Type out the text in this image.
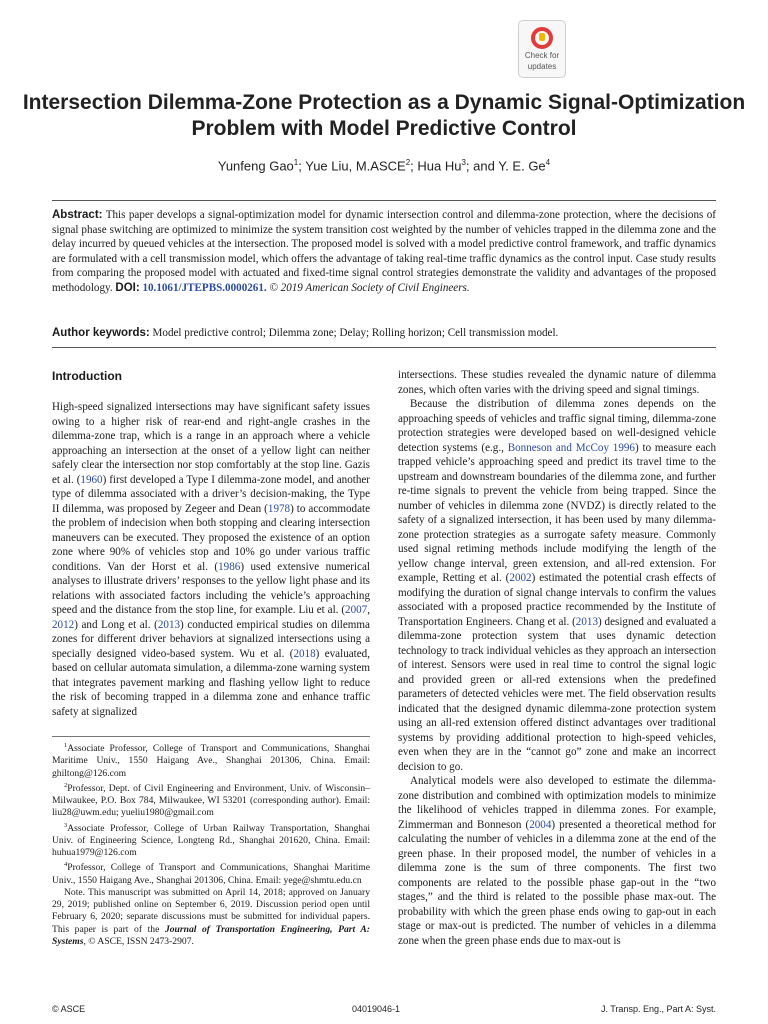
Check for
updates
Intersection Dilemma-Zone Protection as a Dynamic Signal-Optimization Problem with Model Predictive Control
Yunfeng Gao$^1$; Yue Liu, M.ASCE$^2$; Hua Hu$^3$; and Y. E. Ge$^4$
Abstract: This paper develops a signal-optimization model for dynamic intersection control and dilemma-zone protection, where the decisions of signal phase switching are optimized to minimize the system transition cost weighted by the number of vehicles trapped in the dilemma zone and the delay incurred by queued vehicles at the intersection. The proposed model is solved with a model predictive control framework, and traffic dynamics are formulated with a cell transmission model, which offers the advantage of taking real-time traffic dynamics as the control input. Case study results from comparing the proposed model with actuated and fixed-time signal control strategies demonstrate the validity and advantages of the proposed methodology. DOI: 10.1061/JTEPBS.0000261. © 2019 American Society of Civil Engineers.
Author keywords: Model predictive control; Dilemma zone; Delay; Rolling horizon; Cell transmission model.
Introduction

High-speed signalized intersections may have significant safety issues owing to a higher risk of rear-end and right-angle crashes in the dilemma-zone trap, which is a range in an approach where a vehicle approaching an intersection at the onset of a yellow light can neither safely clear the intersection nor stop comfortably at the stop line. Gazis et al. (1960) first developed a Type I dilemma-zone model, and another type of dilemma associated with a driver’s decision-making, the Type II dilemma, was proposed by Zegeer and Dean (1978) to accommodate the problem of indecision when both stopping and clearing intersection maneuvers can be executed. They proposed the existence of an option zone where 90% of vehicles stop and 10% go under various traffic conditions. Van der Horst et al. (1986) used extensive numerical analyses to illustrate drivers’ responses to the yellow light phase and its relations with associated factors including the vehicle’s approaching speed and the distance from the stop line, for example. Liu et al. (2007, 2012) and Long et al. (2013) conducted empirical studies on dilemma zones for different driver behaviors at signalized intersections using a specially designed video-based system. Wu et al. (2018) evaluated, based on cellular automata simulation, a dilemma-zone warning system that integrates pavement marking and flashing yellow light to reduce the risk of becoming trapped in a dilemma zone and enhance traffic safety at signalized

$^1$Associate Professor, College of Transport and Communications, Shanghai Maritime Univ., 1550 Haigang Ave., Shanghai 201306, China. Email: ghiltong@126.com

$^2$Professor, Dept. of Civil Engineering and Environment, Univ. of Wisconsin–Milwaukee, P.O. Box 784, Milwaukee, WI 53201 (corresponding author). Email: liu28@uwm.edu; yueliu1980@gmail.com

$^3$Associate Professor, College of Urban Railway Transportation, Shanghai Univ. of Engineering Science, Longteng Rd., Shanghai 201620, China. Email: huhua1979@126.com

$^4$Professor, College of Transport and Communications, Shanghai Maritime Univ., 1550 Haigang Ave., Shanghai 201306, China. Email: yege@shmtu.edu.cn

Note. This manuscript was submitted on April 14, 2018; approved on January 29, 2019; published online on September 6, 2019. Discussion period open until February 6, 2020; separate discussions must be submitted for individual papers. This paper is part of the Journal of Transportation Engineering, Part A: Systems, © ASCE, ISSN 2473-2907.

intersections. These studies revealed the dynamic nature of dilemma zones, which often varies with the driving speed and signal timings.

Because the distribution of dilemma zones depends on the approaching speeds of vehicles and traffic signal timing, dilemma-zone protection strategies were developed based on well-designed vehicle detection systems (e.g., Bonneson and McCoy 1996) to measure each trapped vehicle’s approaching speed and predict its travel time to the upstream and downstream boundaries of the dilemma zone, and further re-time signals to prevent the vehicle from being trapped. Since the number of vehicles in dilemma zone (NVDZ) is directly related to the safety of a signalized intersection, it has been used by many dilemma-zone protection strategies as a surrogate safety measure. Commonly used signal retiming methods include modifying the length of the yellow change interval, green extension, and all-red extension. For example, Retting et al. (2002) estimated the potential crash effects of modifying the duration of signal change intervals to confirm the values associated with a proposed practice recommended by the Institute of Transportation Engineers. Chang et al. (2013) designed and evaluated a dilemma-zone protection system that uses dynamic detection technology to track individual vehicles as they approach an intersection of interest. Sensors were used in real time to control the signal logic and provided green or all-red extensions when the predefined parameters of detected vehicles were met. The field observation results indicated that the designed dynamic dilemma-zone protection system using an all-red extension offered distinct advantages over traditional systems by providing additional protection to high-speed vehicles, even when they are in the “cannot go” zone and make an incorrect decision to go.

Analytical models were also developed to estimate the dilemma-zone distribution and combined with optimization models to minimize the likelihood of vehicles trapped in dilemma zones. For example, Zimmerman and Bonneson (2004) presented a theoretical method for calculating the number of vehicles in a dilemma zone at the end of the green phase. In their proposed model, the number of vehicles in a dilemma zone is the sum of three components. The first two components are related to the possible phase gap-out in the “two stages,” and the third is related to the possible phase max-out. The probability with which the green phase ends owing to gap-out in each stage or max-out is predicted. The number of vehicles in a dilemma zone when the green phase ends due to max-out is

© ASCE	04019046-1	J. Transp. Eng., Part A: Syst.
